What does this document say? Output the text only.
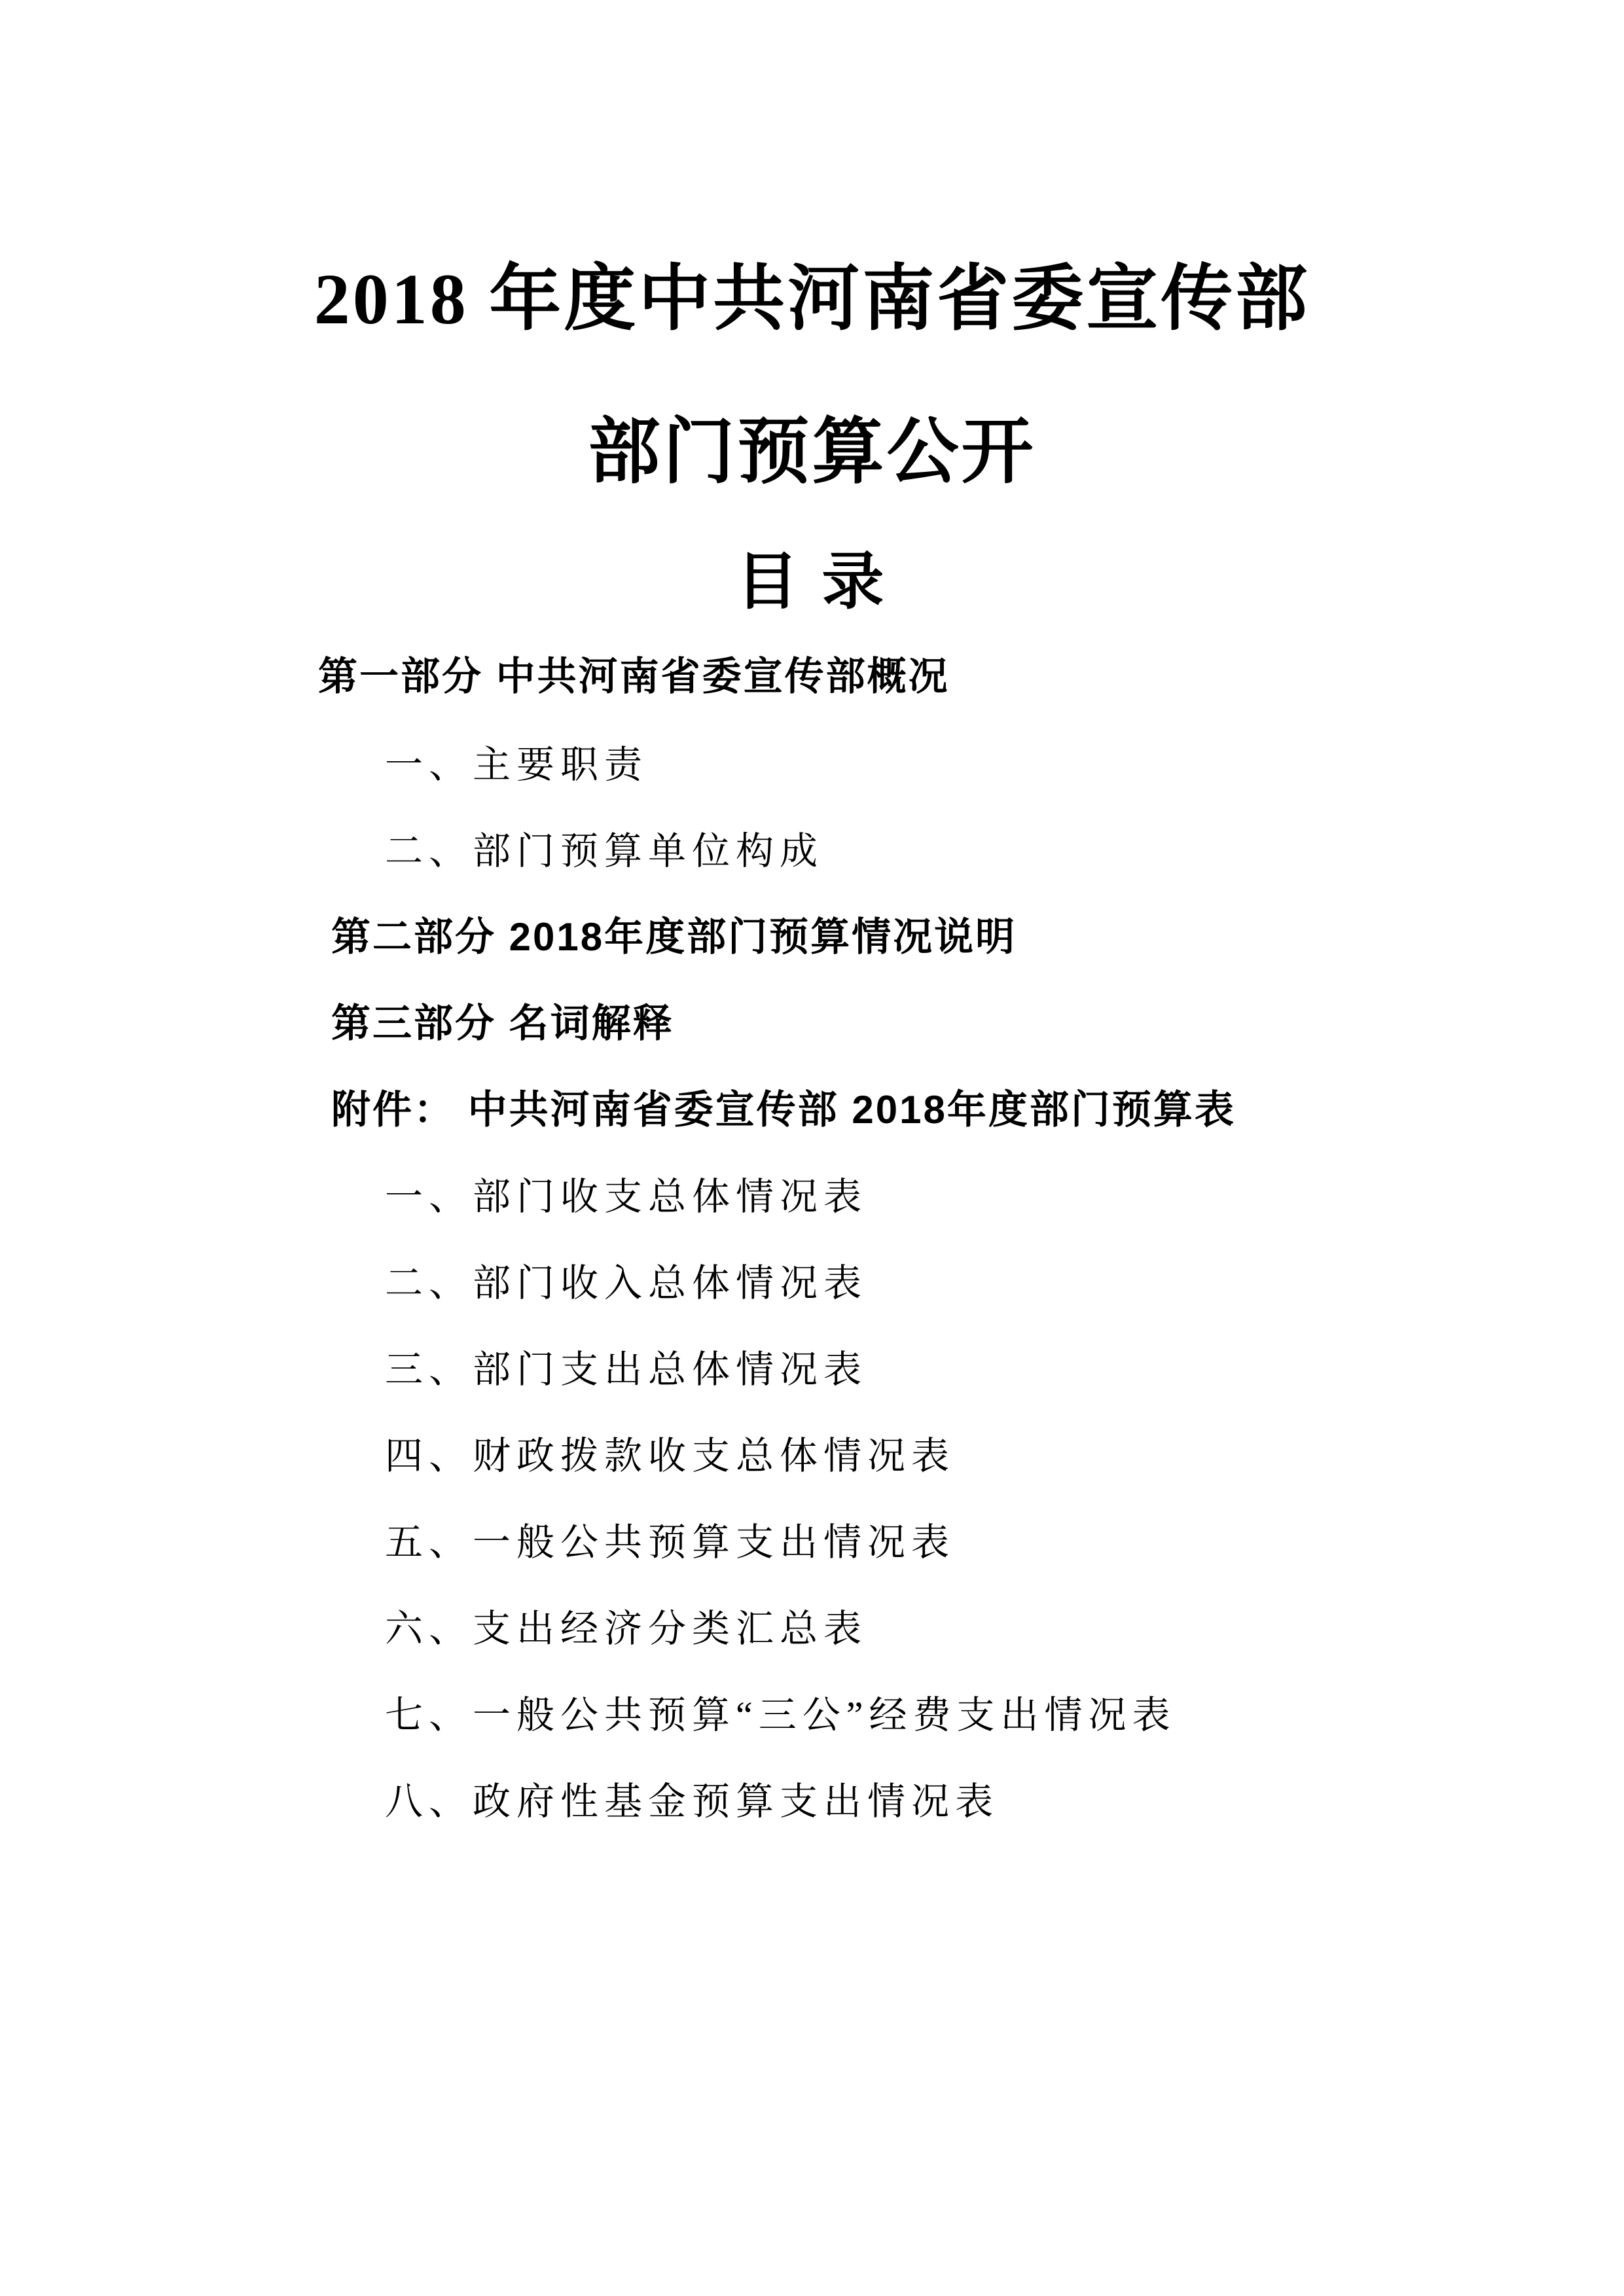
2018 年度中共河南省委宣传部
部门预算公开
目 录
第一部分 中共河南省委宣传部概况
一、主要职责
二、部门预算单位构成
第二部分 2018年度部门预算情况说明
第三部分 名词解释
附件： 中共河南省委宣传部 2018年度部门预算表
一、部门收支总体情况表
二、部门收入总体情况表
三、部门支出总体情况表
四、财政拨款收支总体情况表
五、一般公共预算支出情况表
六、支出经济分类汇总表
七、一般公共预算“三公”经费支出情况表
八、政府性基金预算支出情况表
